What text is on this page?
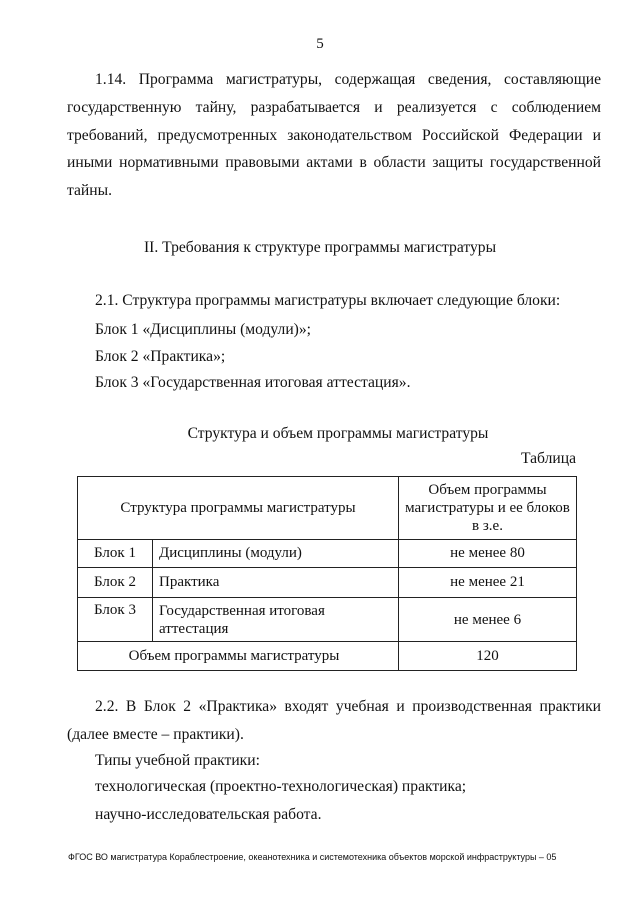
5
1.14. Программа магистратуры, содержащая сведения, составляющие государственную тайну, разрабатывается и реализуется с соблюдением требований, предусмотренных законодательством Российской Федерации и иными нормативными правовыми актами в области защиты государственной тайны.
II. Требования к структуре программы магистратуры
2.1. Структура программы магистратуры включает следующие блоки:
Блок 1 «Дисциплины (модули)»;
Блок 2 «Практика»;
Блок 3 «Государственная итоговая аттестация».
Структура и объем программы магистратуры
Таблица
Структура программы магистратуры		Объем программы магистратуры и ее блоков в з.е.
Блок 1	Дисциплины (модули)	не менее 80
Блок 2	Практика	не менее 21
Блок 3	Государственная итоговая аттестация	не менее 6
Объем программы магистратуры		120
2.2. В Блок 2 «Практика» входят учебная и производственная практики (далее вместе – практики).
Типы учебной практики:
технологическая (проектно-технологическая) практика;
научно-исследовательская работа.
ФГОС ВО магистратура Кораблестроение, океанотехника и системотехника объектов морской инфраструктуры – 05
